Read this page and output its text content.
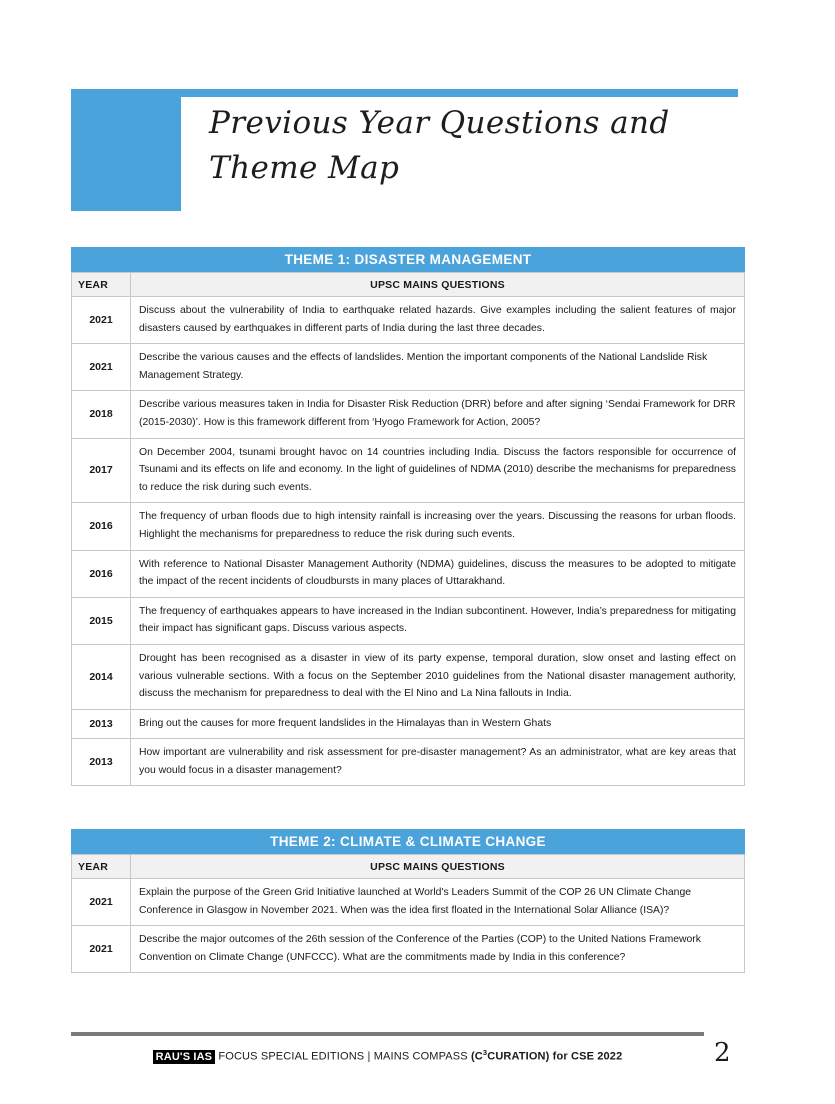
Previous Year Questions and
Theme Map
THEME 1: DISASTER MANAGEMENT
YEAR	UPSC MAINS QUESTIONS
2021	Discuss about the vulnerability of India to earthquake related hazards. Give examples including the salient features of major disasters caused by earthquakes in different parts of India during the last three decades.
2021	Describe the various causes and the effects of landslides. Mention the important components of the National Landslide Risk Management Strategy.
2018	Describe various measures taken in India for Disaster Risk Reduction (DRR) before and after signing ‘Sendai Framework for DRR (2015-2030)’. How is this framework different from ‘Hyogo Framework for Action, 2005?
2017	On December 2004, tsunami brought havoc on 14 countries including India. Discuss the factors responsible for occurrence of Tsunami and its effects on life and economy. In the light of guidelines of NDMA (2010) describe the mechanisms for preparedness to reduce the risk during such events.
2016	The frequency of urban floods due to high intensity rainfall is increasing over the years. Discussing the reasons for urban floods. Highlight the mechanisms for preparedness to reduce the risk during such events.
2016	With reference to National Disaster Management Authority (NDMA) guidelines, discuss the measures to be adopted to mitigate the impact of the recent incidents of cloudbursts in many places of Uttarakhand.
2015	The frequency of earthquakes appears to have increased in the Indian subcontinent. However, India’s preparedness for mitigating their impact has significant gaps. Discuss various aspects.
2014	Drought has been recognised as a disaster in view of its party expense, temporal duration, slow onset and lasting effect on various vulnerable sections. With a focus on the September 2010 guidelines from the National disaster management authority, discuss the mechanism for preparedness to deal with the El Nino and La Nina fallouts in India.
2013	Bring out the causes for more frequent landslides in the Himalayas than in Western Ghats
2013	How important are vulnerability and risk assessment for pre-disaster management? As an administrator, what are key areas that you would focus in a disaster management?
THEME 2: CLIMATE & CLIMATE CHANGE
YEAR	UPSC MAINS QUESTIONS
2021	Explain the purpose of the Green Grid Initiative launched at World's Leaders Summit of the COP 26 UN Climate Change Conference in Glasgow in November 2021. When was the idea first floated in the International Solar Alliance (ISA)?
2021	Describe the major outcomes of the 26th session of the Conference of the Parties (COP) to the United Nations Framework Convention on Climate Change (UNFCCC). What are the commitments made by India in this conference?
RAU'S IAS FOCUS SPECIAL EDITIONS | MAINS COMPASS (C$^3$CURATION) for CSE 2022	2
